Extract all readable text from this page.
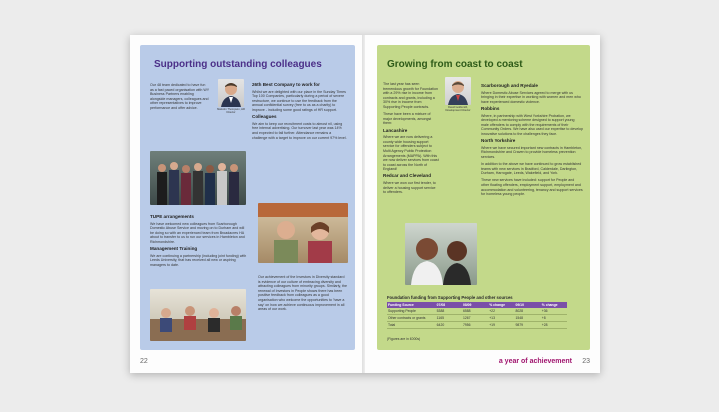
Supporting outstanding colleagues

Our 48 team dedicated to have fun as a fast paced organisation with WY Business Partners enabling alongside managers, colleagues and other representatives to improve performance and offer advice.	Malcolm Thompson, HR Director
26th Best Company to work for

Whilst we are delighted with our place in the Sunday Times Top 100 Companies, particularly during a period of severe restructure, we continue to use the feedback from the annual confidential survey (free to us as a charity) to improve - including some good ratings of HR support.

Colleagues

We aim to keep our recruitment costs to almost nil, using free internal advertising. Our turnover last year was 14% and expected to fall further. Attendance remains a challenge with a target to improve on our current 97% level.

TUPE arrangements

We have welcomed new colleagues from Scarborough Domestic Abuse Service and moving on to Durham and will be doing so with an experienced team from Broadacres HA about to transfer to us to run our services in Hambleton and Richmondshire.

Management Training

We are continuing a partnership (including joint funding) with Leeds University, that has received all new or aspiring managers to date.

Our achievement of the Investors in Diversity standard is evidence of our culture of embracing diversity and attracting colleagues from minority groups. Similarly, the renewal of Investors in People shows there has been positive feedback from colleagues as a good organisation who welcome the opportunities to 'have a say' on how we achieve continuous improvement in all areas of our work.

22
Growing from coast to coast

The last year has seen tremendous growth for Foundation with a 29% rise in income from contracts and grants, including a 30% rise in income from Supporting People contracts.

These have been a mixture of major developments, amongst them:

Lancashire

Where we are now delivering a county wide housing support service for offenders subject to Multi Agency Public Protection Arrangements (MAPPA). With this we now deliver services from coast to coast across the North of England!

Redcar and Cleveland

Where we won our first tender, to deliver a housing support service to offenders.

David Goldsmith, Development Director
Scarborough and Ryedale

Where Domestic Abuse Services agreed to merge with us bringing in their expertise in working with women and men who have experienced domestic violence.

Robbins

Where, in partnership with West Yorkshire Probation, we developed a mentoring scheme designed to support young male offenders to comply with the requirements of their Community Orders. We have also used our expertise to develop innovative solutions to the challenges they face.

North Yorkshire

Where we have secured important new contracts in Hambleton, Richmondshire and Craven to provide homeless prevention services.

In addition to the above we have continued to grow established teams with new services in Bradford, Calderdale, Darlington, Durham, Harrogate, Leeds, Wakefield, and York.

These new services have included: support for People and other floating offenders, employment support, employment and accommodation and volunteering, tenancy and support services for homeless young people.

Foundation funding from Supporting People and other sources
Funding Source	07/08	08/09	% change	09/10	% change
Supporting People	5388	6588	+22	8028	+36
Other contracts or grants	1165	1267	+13	1548	+8
Total	6420	7956	+19	9879	+28
(Figures are in £000s)
a year of achievement 23
